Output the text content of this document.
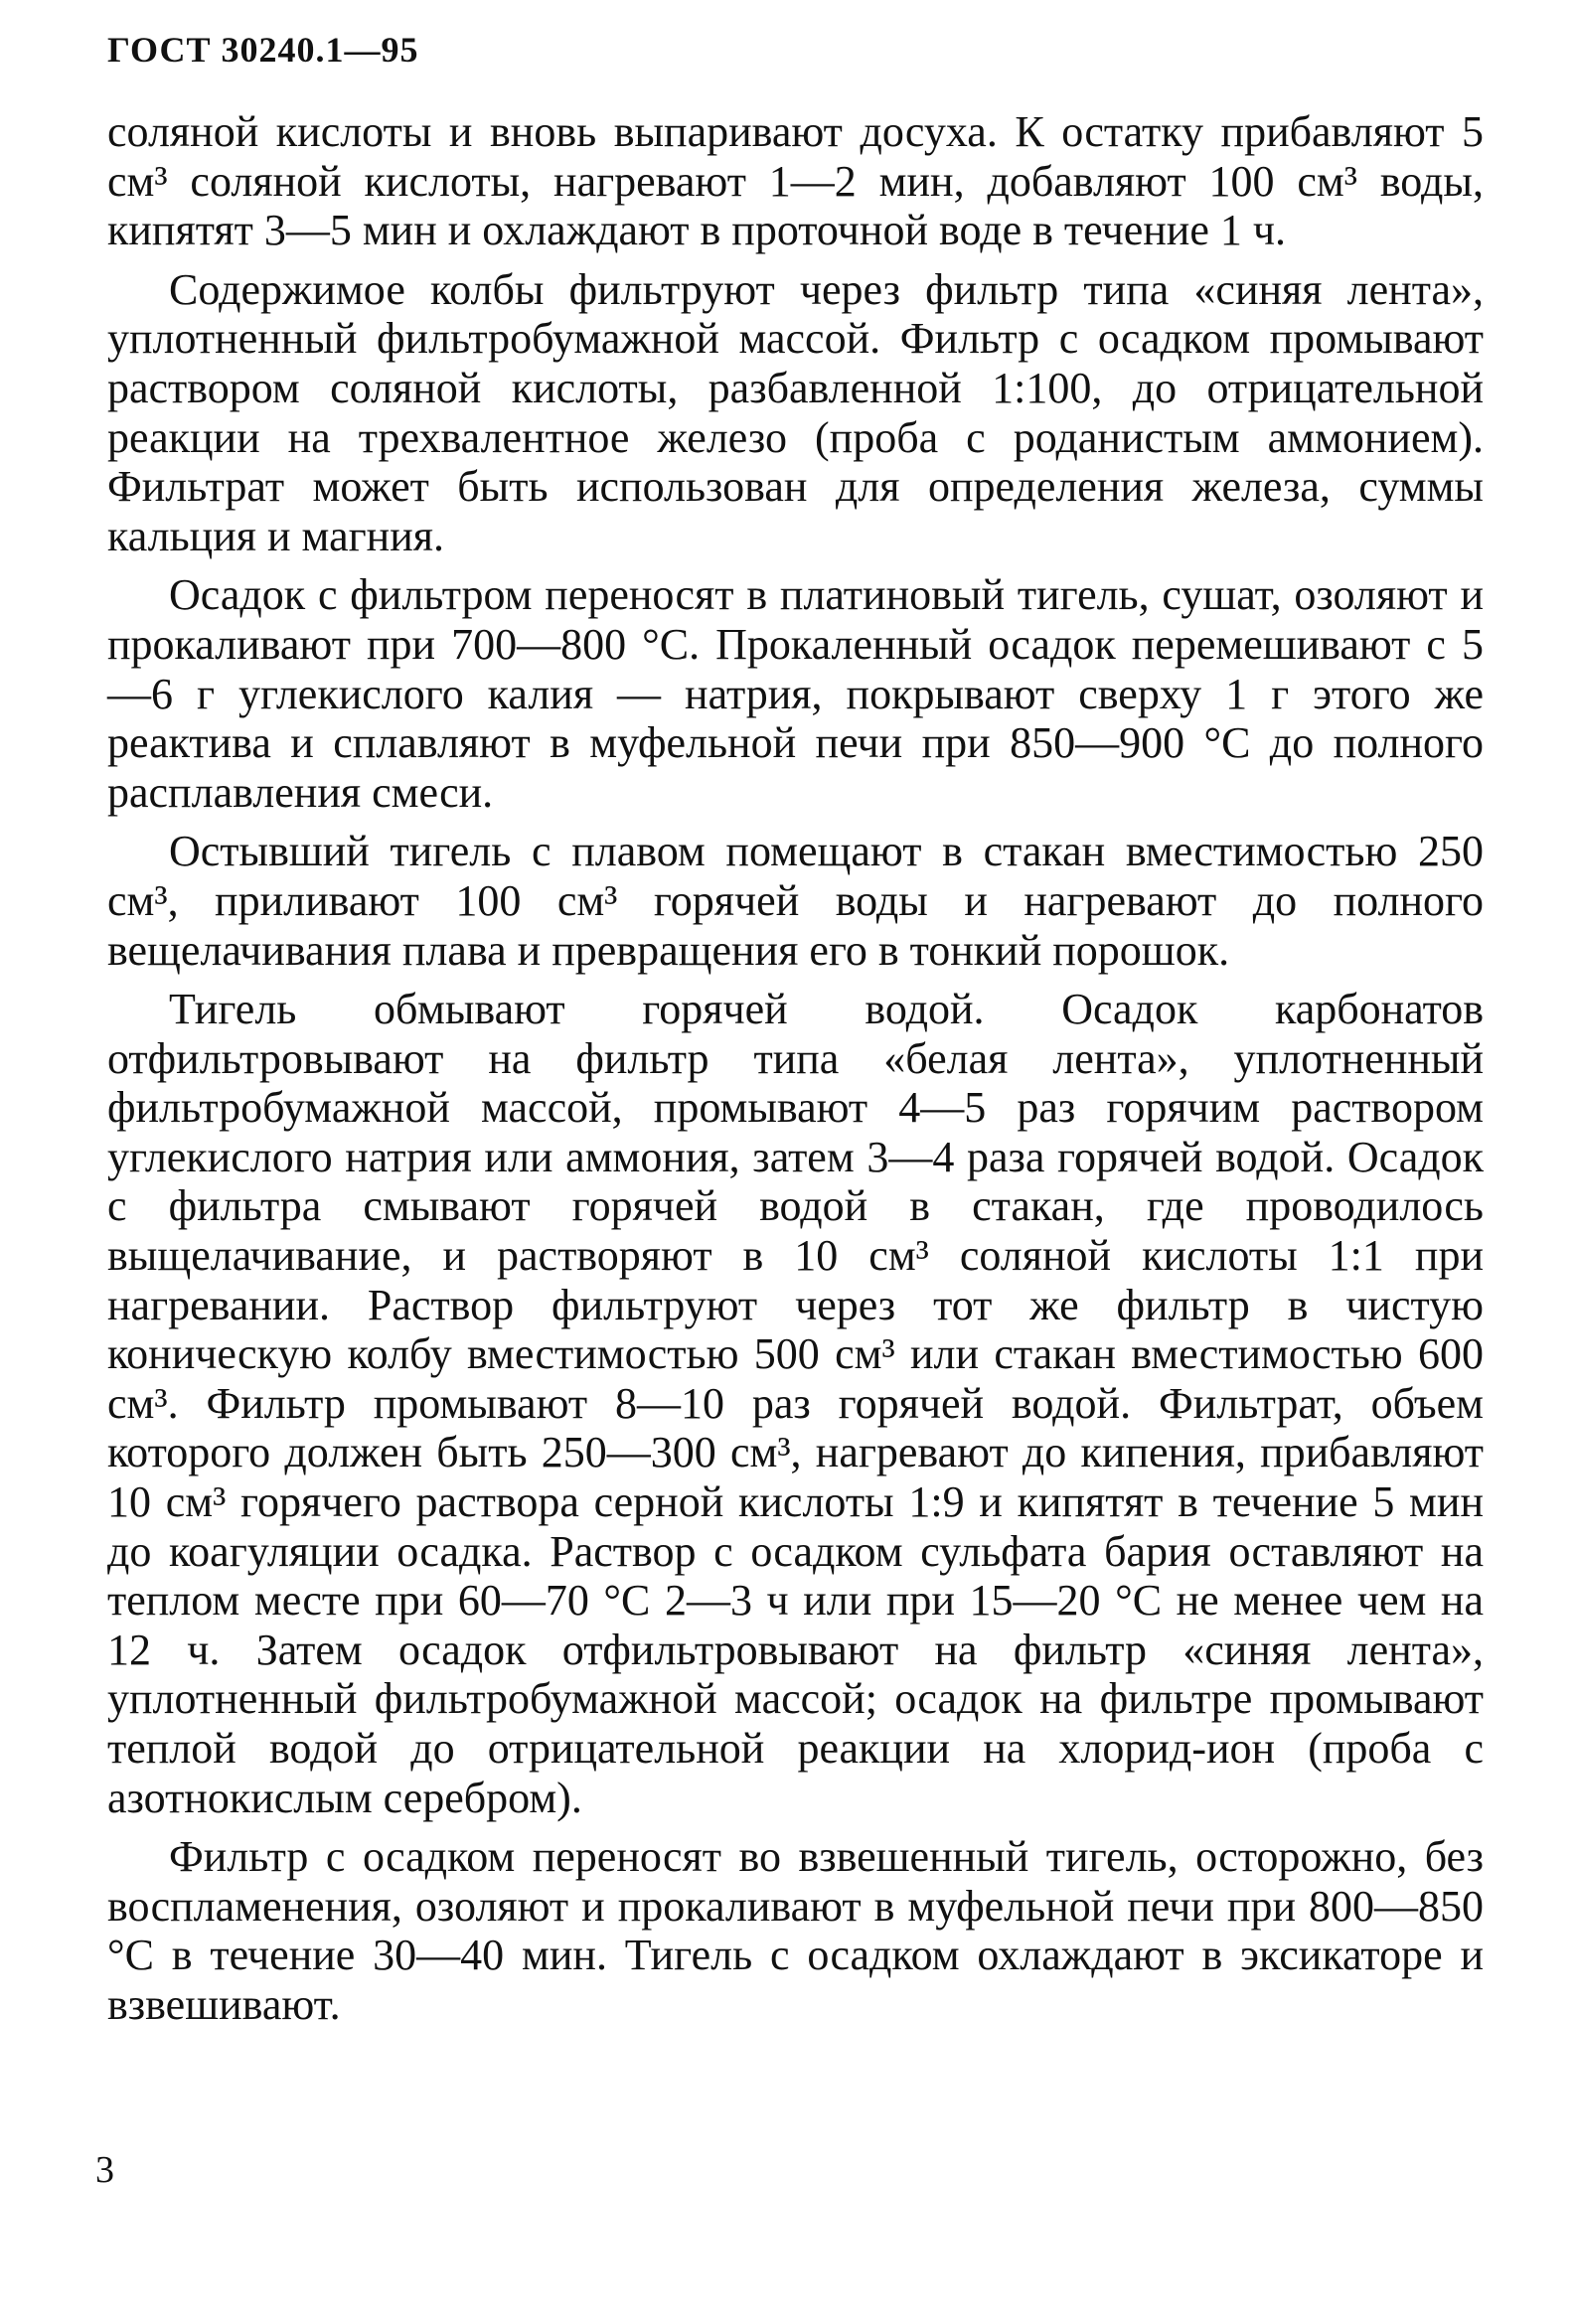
ГОСТ 30240.1—95

соляной кислоты и вновь выпаривают досуха. К остатку прибавляют 5 см³ соляной кислоты, нагревают 1—2 мин, добавляют 100 см³ воды, кипятят 3—5 мин и охлаждают в проточной воде в течение 1 ч.

Содержимое колбы фильтруют через фильтр типа «синяя лента», уплотненный фильтробумажной массой. Фильтр с осадком промывают раствором соляной кислоты, разбавленной 1:100, до отрицательной реакции на трехвалентное железо (проба с роданистым аммонием). Фильтрат может быть использован для определения железа, суммы кальция и магния.

Осадок с фильтром переносят в платиновый тигель, сушат, озоляют и прокаливают при 700—800 °С. Прокаленный осадок перемешивают с 5—6 г углекислого калия — натрия, покрывают сверху 1 г этого же реактива и сплавляют в муфельной печи при 850—900 °С до полного расплавления смеси.

Остывший тигель с плавом помещают в стакан вместимостью 250 см³, приливают 100 см³ горячей воды и нагревают до полного вещелачивания плава и превращения его в тонкий порошок.

Тигель обмывают горячей водой. Осадок карбонатов отфильтровывают на фильтр типа «белая лента», уплотненный фильтробумажной массой, промывают 4—5 раз горячим раствором углекислого натрия или аммония, затем 3—4 раза горячей водой. Осадок с фильтра смывают горячей водой в стакан, где проводилось выщелачивание, и растворяют в 10 см³ соляной кислоты 1:1 при нагревании. Раствор фильтруют через тот же фильтр в чистую коническую колбу вместимостью 500 см³ или стакан вместимостью 600 см³. Фильтр промывают 8—10 раз горячей водой. Фильтрат, объем которого должен быть 250—300 см³, нагревают до кипения, прибавляют 10 см³ горячего раствора серной кислоты 1:9 и кипятят в течение 5 мин до коагуляции осадка. Раствор с осадком сульфата бария оставляют на теплом месте при 60—70 °С 2—3 ч или при 15—20 °С не менее чем на 12 ч. Затем осадок отфильтровывают на фильтр «синяя лента», уплотненный фильтробумажной массой; осадок на фильтре промывают теплой водой до отрицательной реакции на хлорид-ион (проба с азотнокислым серебром).

Фильтр с осадком переносят во взвешенный тигель, осторожно, без воспламенения, озоляют и прокаливают в муфельной печи при 800—850 °С в течение 30—40 мин. Тигель с осадком охлаждают в эксикаторе и взвешивают.

3
